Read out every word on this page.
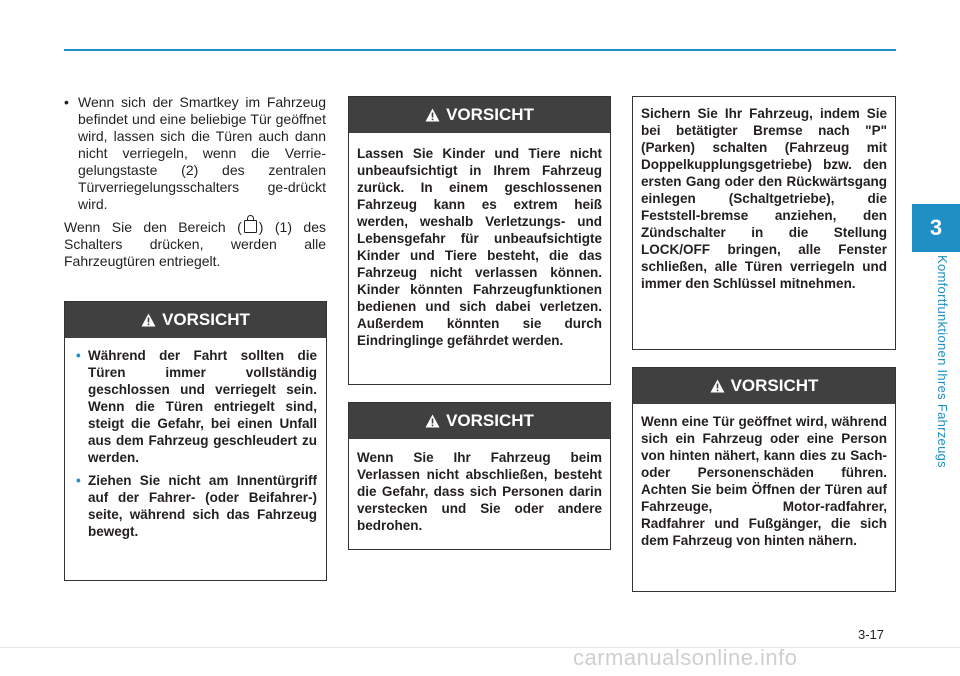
3
Komfortfunktionen Ihres Fahrzeugs
• Wenn sich der Smartkey im Fahrzeug befindet und eine beliebige Tür geöffnet wird, lassen sich die Türen auch dann nicht verriegeln, wenn die Verrie-gelungstaste (2) des zentralen Türverriegelungsschalters ge-drückt wird.
Wenn Sie den Bereich ( ) (1) des Schalters drücken, werden alle Fahrzeugtüren entriegelt.
VORSICHT
• Während der Fahrt sollten die Türen immer vollständig geschlossen und verriegelt sein. Wenn die Türen entriegelt sind, steigt die Gefahr, bei einen Unfall aus dem Fahrzeug geschleudert zu werden.
• Ziehen Sie nicht am Innentürgriff auf der Fahrer- (oder Beifahrer-) seite, während sich das Fahrzeug bewegt.
VORSICHT
Lassen Sie Kinder und Tiere nicht unbeaufsichtigt in Ihrem Fahrzeug zurück. In einem geschlossenen Fahrzeug kann es extrem heiß werden, weshalb Verletzungs- und Lebensgefahr für unbeaufsichtigte Kinder und Tiere besteht, die das Fahrzeug nicht verlassen können. Kinder könnten Fahrzeugfunktionen bedienen und sich dabei verletzen. Außerdem könnten sie durch Eindringlinge gefährdet werden.
VORSICHT
Wenn Sie Ihr Fahrzeug beim Verlassen nicht abschließen, besteht die Gefahr, dass sich Personen darin verstecken und Sie oder andere bedrohen.
Sichern Sie Ihr Fahrzeug, indem Sie bei betätigter Bremse nach "P" (Parken) schalten (Fahrzeug mit Doppelkupplungsgetriebe) bzw. den ersten Gang oder den Rückwärtsgang einlegen (Schaltgetriebe), die Feststell-bremse anziehen, den Zündschalter in die Stellung LOCK/OFF bringen, alle Fenster schließen, alle Türen verriegeln und immer den Schlüssel mitnehmen.
VORSICHT
Wenn eine Tür geöffnet wird, während sich ein Fahrzeug oder eine Person von hinten nähert, kann dies zu Sach- oder Personenschäden führen. Achten Sie beim Öffnen der Türen auf Fahrzeuge, Motor-radfahrer, Radfahrer und Fußgänger, die sich dem Fahrzeug von hinten nähern.
3-17
carmanualsonline.info
